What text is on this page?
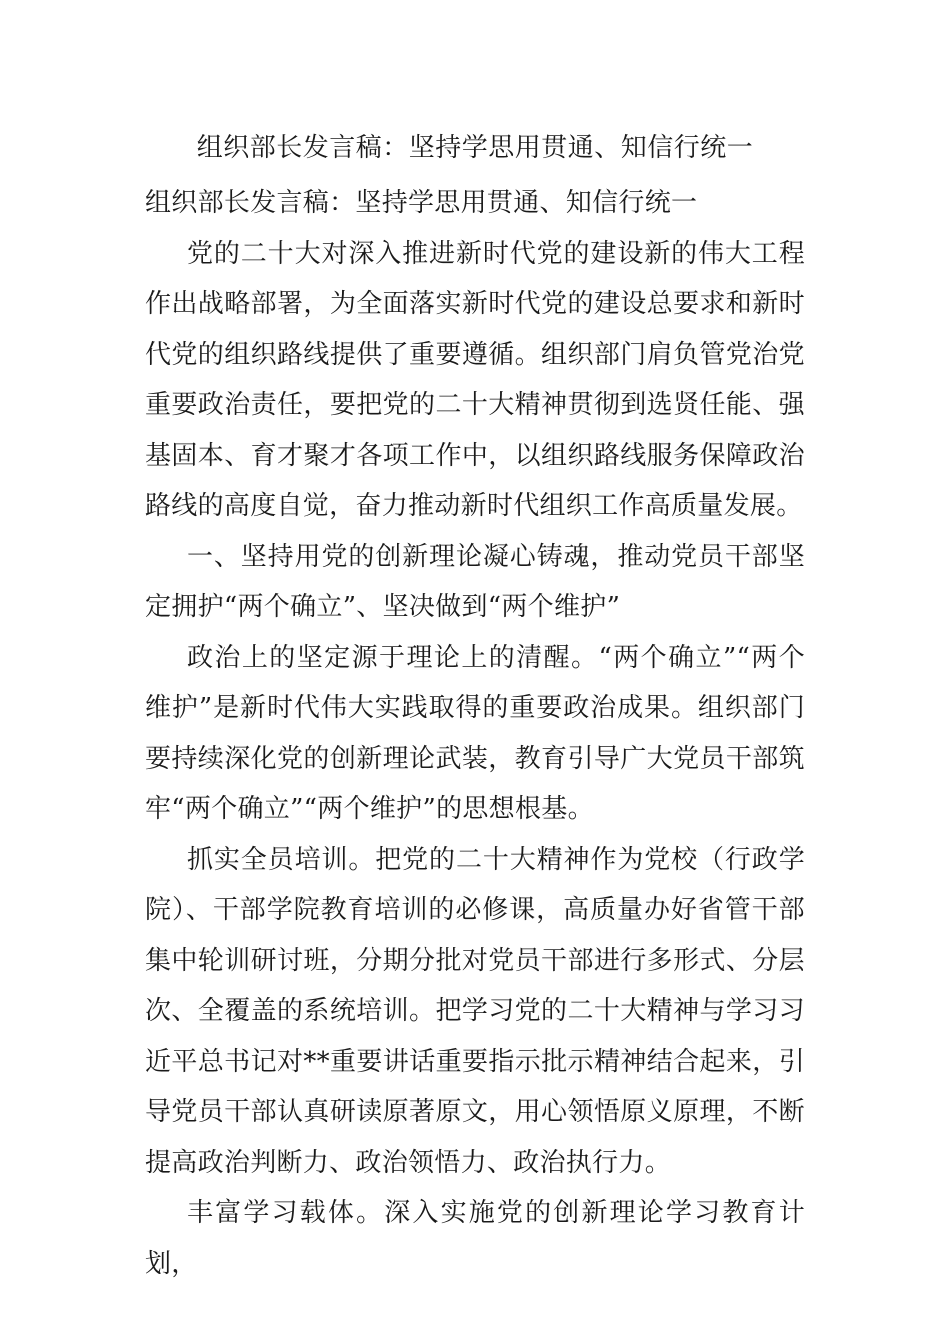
组织部长发言稿：坚持学思用贯通、知信行统一

组织部长发言稿：坚持学思用贯通、知信行统一

党的二十大对深入推进新时代党的建设新的伟大工程作出战略部署，为全面落实新时代党的建设总要求和新时代党的组织路线提供了重要遵循。组织部门肩负管党治党重要政治责任，要把党的二十大精神贯彻到选贤任能、强基固本、育才聚才各项工作中，以组织路线服务保障政治路线的高度自觉，奋力推动新时代组织工作高质量发展。

一、坚持用党的创新理论凝心铸魂，推动党员干部坚定拥护“两个确立”、坚决做到“两个维护”

政治上的坚定源于理论上的清醒。“两个确立”“两个维护”是新时代伟大实践取得的重要政治成果。组织部门要持续深化党的创新理论武装，教育引导广大党员干部筑牢“两个确立”“两个维护”的思想根基。

抓实全员培训。把党的二十大精神作为党校（行政学院）、干部学院教育培训的必修课，高质量办好省管干部集中轮训研讨班，分期分批对党员干部进行多形式、分层次、全覆盖的系统培训。把学习党的二十大精神与学习习近平总书记对**重要讲话重要指示批示精神结合起来，引导党员干部认真研读原著原文，用心领悟原义原理，不断提高政治判断力、政治领悟力、政治执行力。

丰富学习载体。深入实施党的创新理论学习教育计划，
